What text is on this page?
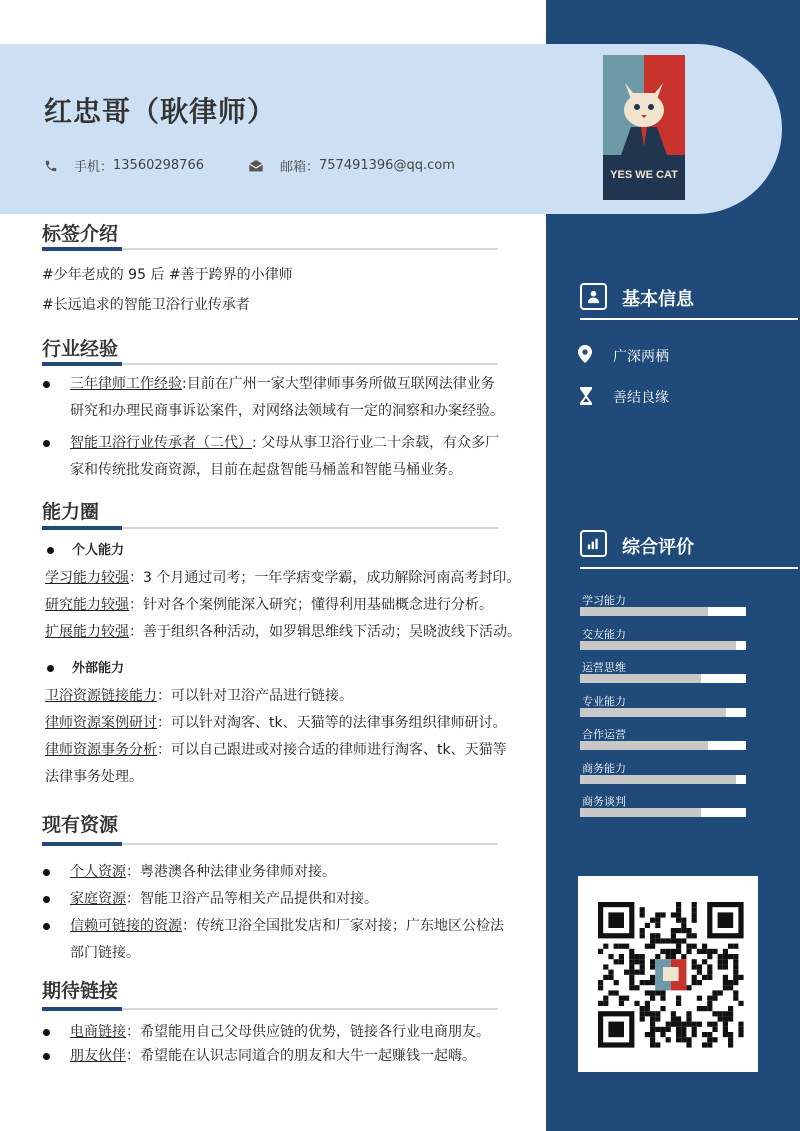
红忠哥（耿律师）
手机： 13560298766	邮箱： 757491396@qq.com
YES WE CAT
标签介绍
#少年老成的 95 后 #善于跨界的小律师
#长远追求的智能卫浴行业传承者
行业经验
三年律师工作经验:目前在广州一家大型律师事务所做互联网法律业务
研究和办理民商事诉讼案件，对网络法领域有一定的洞察和办案经验。
智能卫浴行业传承者（二代）: 父母从事卫浴行业二十余载，有众多厂
家和传统批发商资源，目前在起盘智能马桶盖和智能马桶业务。
能力圈
个人能力
学习能力较强：3 个月通过司考；一年学痞变学霸，成功解除河南高考封印。
研究能力较强：针对各个案例能深入研究；懂得利用基础概念进行分析。
扩展能力较强：善于组织各种活动，如罗辑思维线下活动；吴晓波线下活动。
外部能力
卫浴资源链接能力：可以针对卫浴产品进行链接。
律师资源案例研讨：可以针对淘客、tk、天猫等的法律事务组织律师研讨。
律师资源事务分析：可以自己跟进或对接合适的律师进行淘客、tk、天猫等
法律事务处理。
现有资源
个人资源：粤港澳各种法律业务律师对接。
家庭资源：智能卫浴产品等相关产品提供和对接。
信赖可链接的资源：传统卫浴全国批发店和厂家对接；广东地区公检法
部门链接。
期待链接
电商链接：希望能用自己父母供应链的优势，链接各行业电商朋友。
朋友伙伴：希望能在认识志同道合的朋友和大牛一起赚钱一起嗨。
基本信息
广深两栖
善结良缘
综合评价
学习能力
交友能力
运营思维
专业能力
合作运营
商务能力
商务谈判
